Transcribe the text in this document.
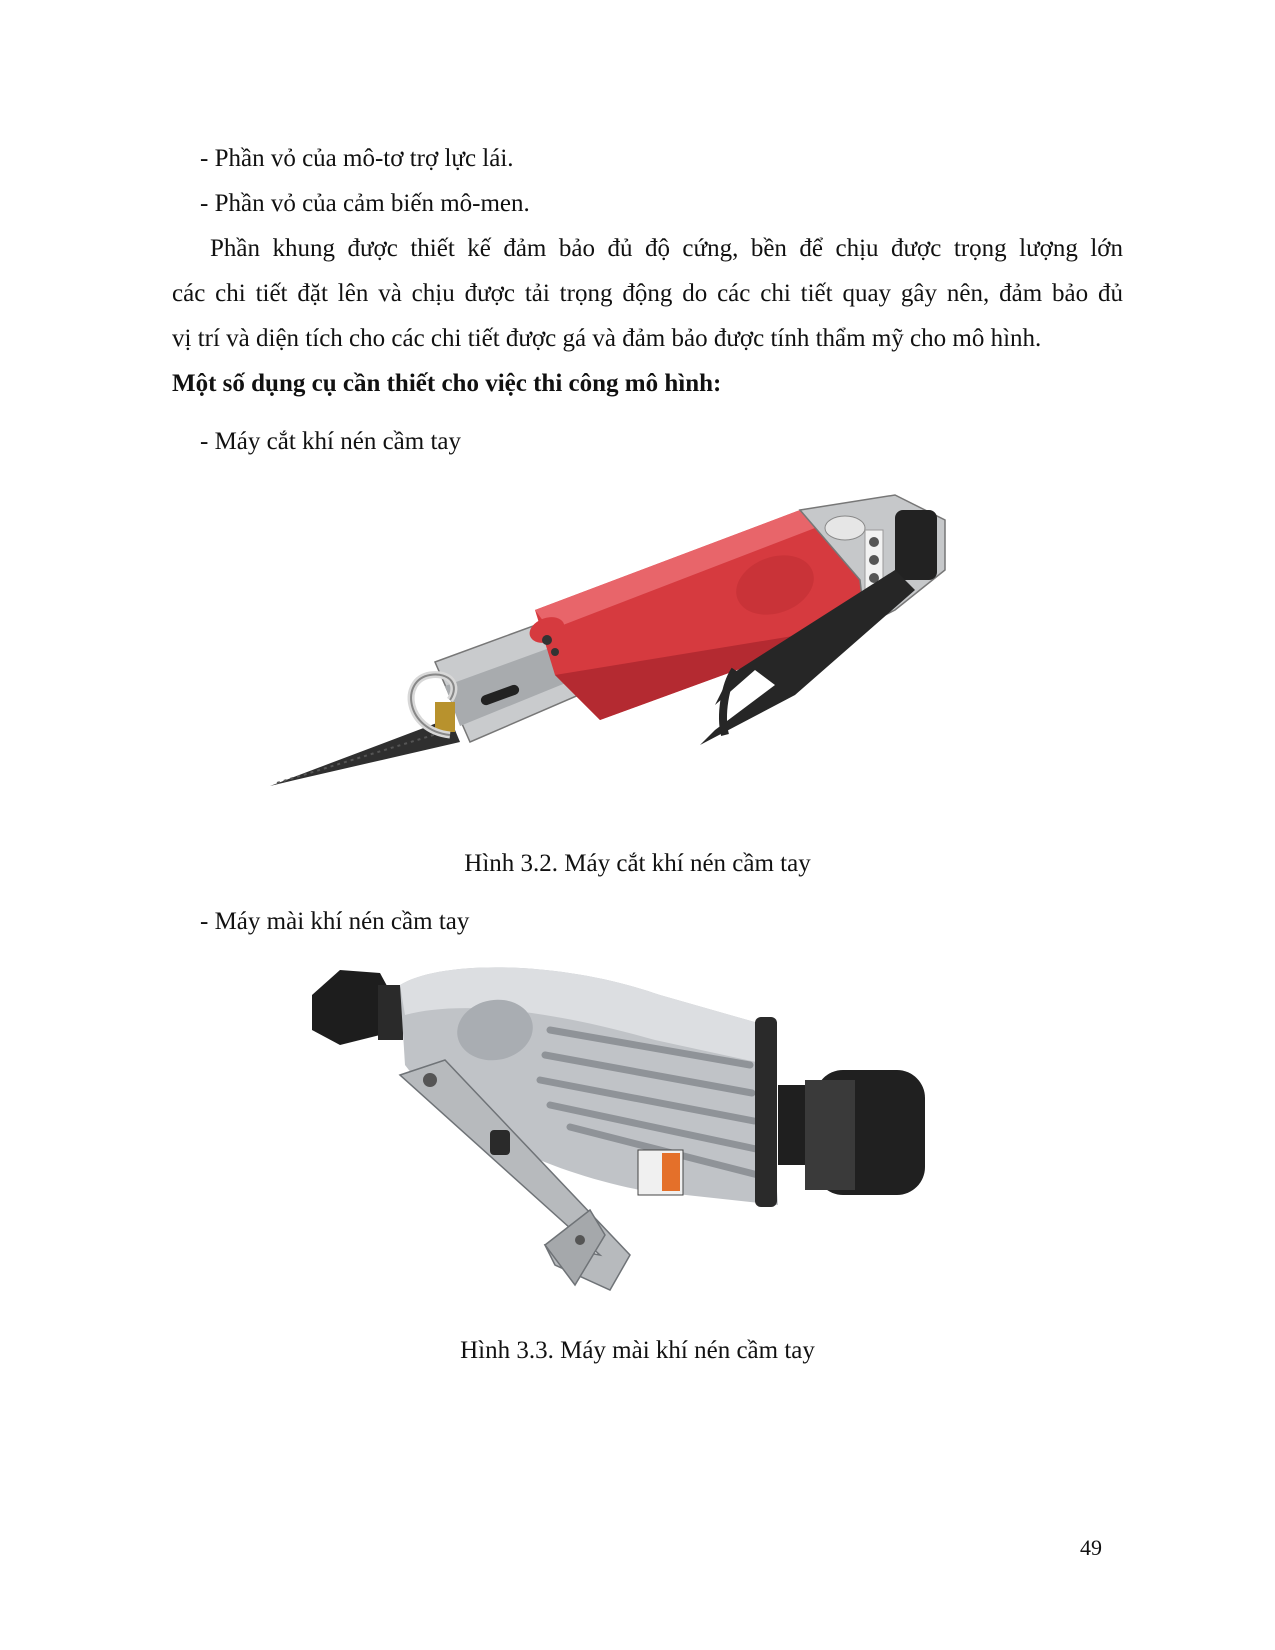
- Phần vỏ của mô-tơ trợ lực lái.
- Phần vỏ của cảm biến mô-men.
Phần khung được thiết kế đảm bảo đủ độ cứng, bền để chịu được trọng lượng lớn
các chi tiết đặt lên và chịu được tải trọng động do các chi tiết quay gây nên, đảm bảo đủ
vị trí và diện tích cho các chi tiết được gá và đảm bảo được tính thẩm mỹ cho mô hình.
Một số dụng cụ cần thiết cho việc thi công mô hình:
- Máy cắt khí nén cầm tay
Hình 3.2. Máy cắt khí nén cầm tay
- Máy mài khí nén cầm tay
Hình 3.3. Máy mài khí nén cầm tay
49
